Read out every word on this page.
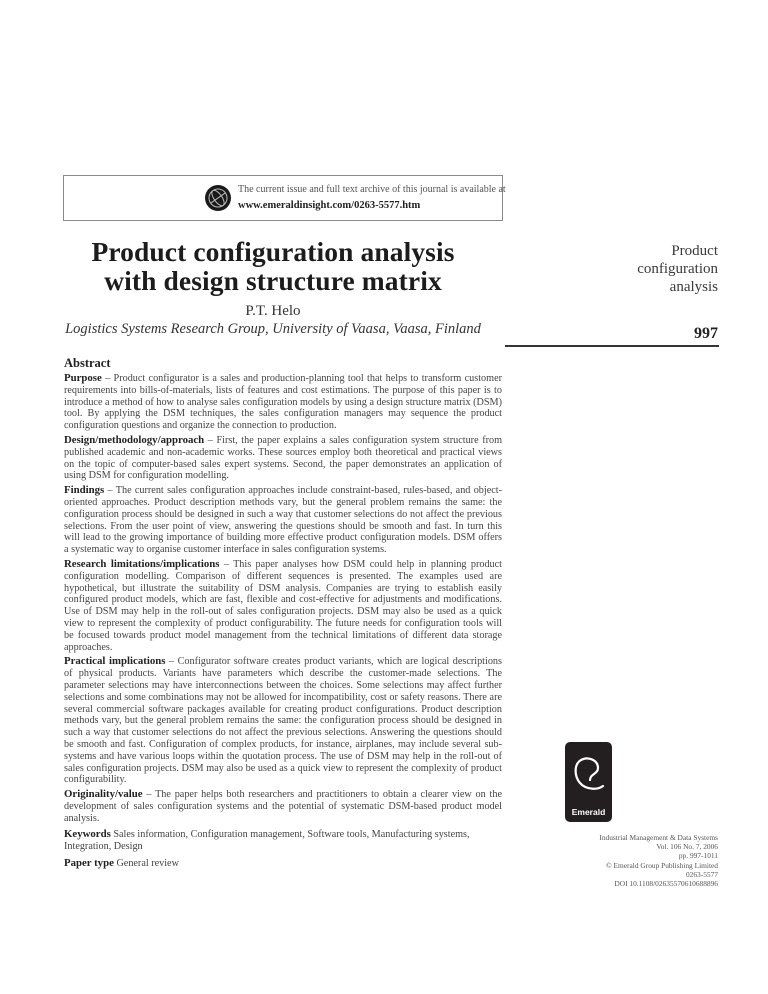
The current issue and full text archive of this journal is available at
www.emeraldinsight.com/0263-5577.htm
Product configuration analysis
with design structure matrix
P.T. Helo
Logistics Systems Research Group, University of Vaasa, Vaasa, Finland
Product
configuration
analysis
997
Abstract

Purpose – Product configurator is a sales and production-planning tool that helps to transform customer requirements into bills-of-materials, lists of features and cost estimations. The purpose of this paper is to introduce a method of how to analyse sales configuration models by using a design structure matrix (DSM) tool. By applying the DSM techniques, the sales configuration managers may sequence the product configuration questions and organize the connection to production.

Design/methodology/approach – First, the paper explains a sales configuration system structure from published academic and non-academic works. These sources employ both theoretical and practical views on the topic of computer-based sales expert systems. Second, the paper demonstrates an application of using DSM for configuration modelling.

Findings – The current sales configuration approaches include constraint-based, rules-based, and object-oriented approaches. Product description methods vary, but the general problem remains the same: the configuration process should be designed in such a way that customer selections do not affect the previous selections. From the user point of view, answering the questions should be smooth and fast. In turn this will lead to the growing importance of building more effective product configuration models. DSM offers a systematic way to organise customer interface in sales configuration systems.

Research limitations/implications – This paper analyses how DSM could help in planning product configuration modelling. Comparison of different sequences is presented. The examples used are hypothetical, but illustrate the suitability of DSM analysis. Companies are trying to establish easily configured product models, which are fast, flexible and cost-effective for adjustments and modifications. Use of DSM may help in the roll-out of sales configuration projects. DSM may also be used as a quick view to represent the complexity of product configurability. The future needs for configuration tools will be focused towards product model management from the technical limitations of different data storage approaches.

Practical implications – Configurator software creates product variants, which are logical descriptions of physical products. Variants have parameters which describe the customer-made selections. The parameter selections may have interconnections between the choices. Some selections may affect further selections and some combinations may not be allowed for incompatibility, cost or safety reasons. There are several commercial software packages available for creating product configurations. Product description methods vary, but the general problem remains the same: the configuration process should be designed in such a way that customer selections do not affect the previous selections. Answering the questions should be smooth and fast. Configuration of complex products, for instance, airplanes, may include several sub-systems and have various loops within the quotation process. The use of DSM may help in the roll-out of sales configuration projects. DSM may also be used as a quick view to represent the complexity of product configurability.

Originality/value – The paper helps both researchers and practitioners to obtain a clearer view on the development of sales configuration systems and the potential of systematic DSM-based product model analysis.

Keywords Sales information, Configuration management, Software tools, Manufacturing systems, Integration, Design

Paper type General review

Emerald
Industrial Management & Data Systems
Vol. 106 No. 7, 2006
pp. 997-1011
© Emerald Group Publishing Limited
0263-5577
DOI 10.1108/02635570610688896
